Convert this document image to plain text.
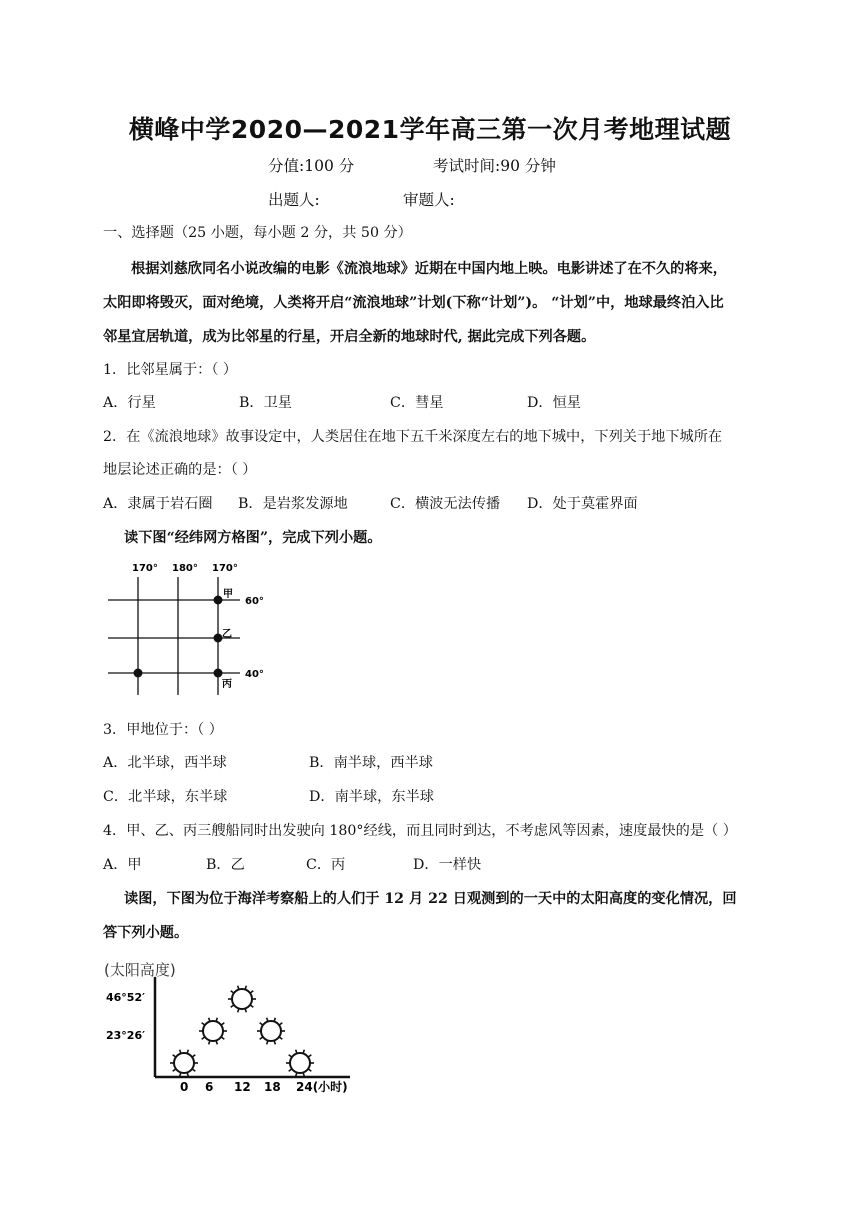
横峰中学2020—2021学年高三第一次月考地理试题
分值:100 分	考试时间:90 分钟
出题人:	审题人:
一、选择题（25 小题，每小题 2 分，共 50 分）
根据刘慈欣同名小说改编的电影《流浪地球》近期在中国内地上映。电影讲述了在不久的将来，
太阳即将毁灭，面对绝境，人类将开启“流浪地球”计划(下称“计划”)。 “计划”中，地球最终泊入比
邻星宜居轨道，成为比邻星的行星，开启全新的地球时代, 据此完成下列各题。
1．比邻星属于：（ ）
A．行星	B．卫星	C．彗星	D．恒星
2．在《流浪地球》故事设定中，人类居住在地下五千米深度左右的地下城中，下列关于地下城所在
地层论述正确的是：（ ）
A．隶属于岩石圈 B．是岩浆发源地	C．横波无法传播 D．处于莫霍界面
读下图“经纬网方格图”，完成下列小题。
170° 180° 170°
甲
乙
丙
60°
40°
3．甲地位于：（ ）
A．北半球，西半球	B．南半球，西半球
C．北半球，东半球	D．南半球，东半球
4．甲、乙、丙三艘船同时出发驶向 180°经线，而且同时到达，不考虑风等因素，速度最快的是（ ）
A．甲	B．乙	C．丙	D．一样快
读图，下图为位于海洋考察船上的人们于 12 月 22 日观测到的一天中的太阳高度的变化情况，回
答下列小题。
(太阳高度)
46°52′
23°26′
0 6 12 18 24(小时)
